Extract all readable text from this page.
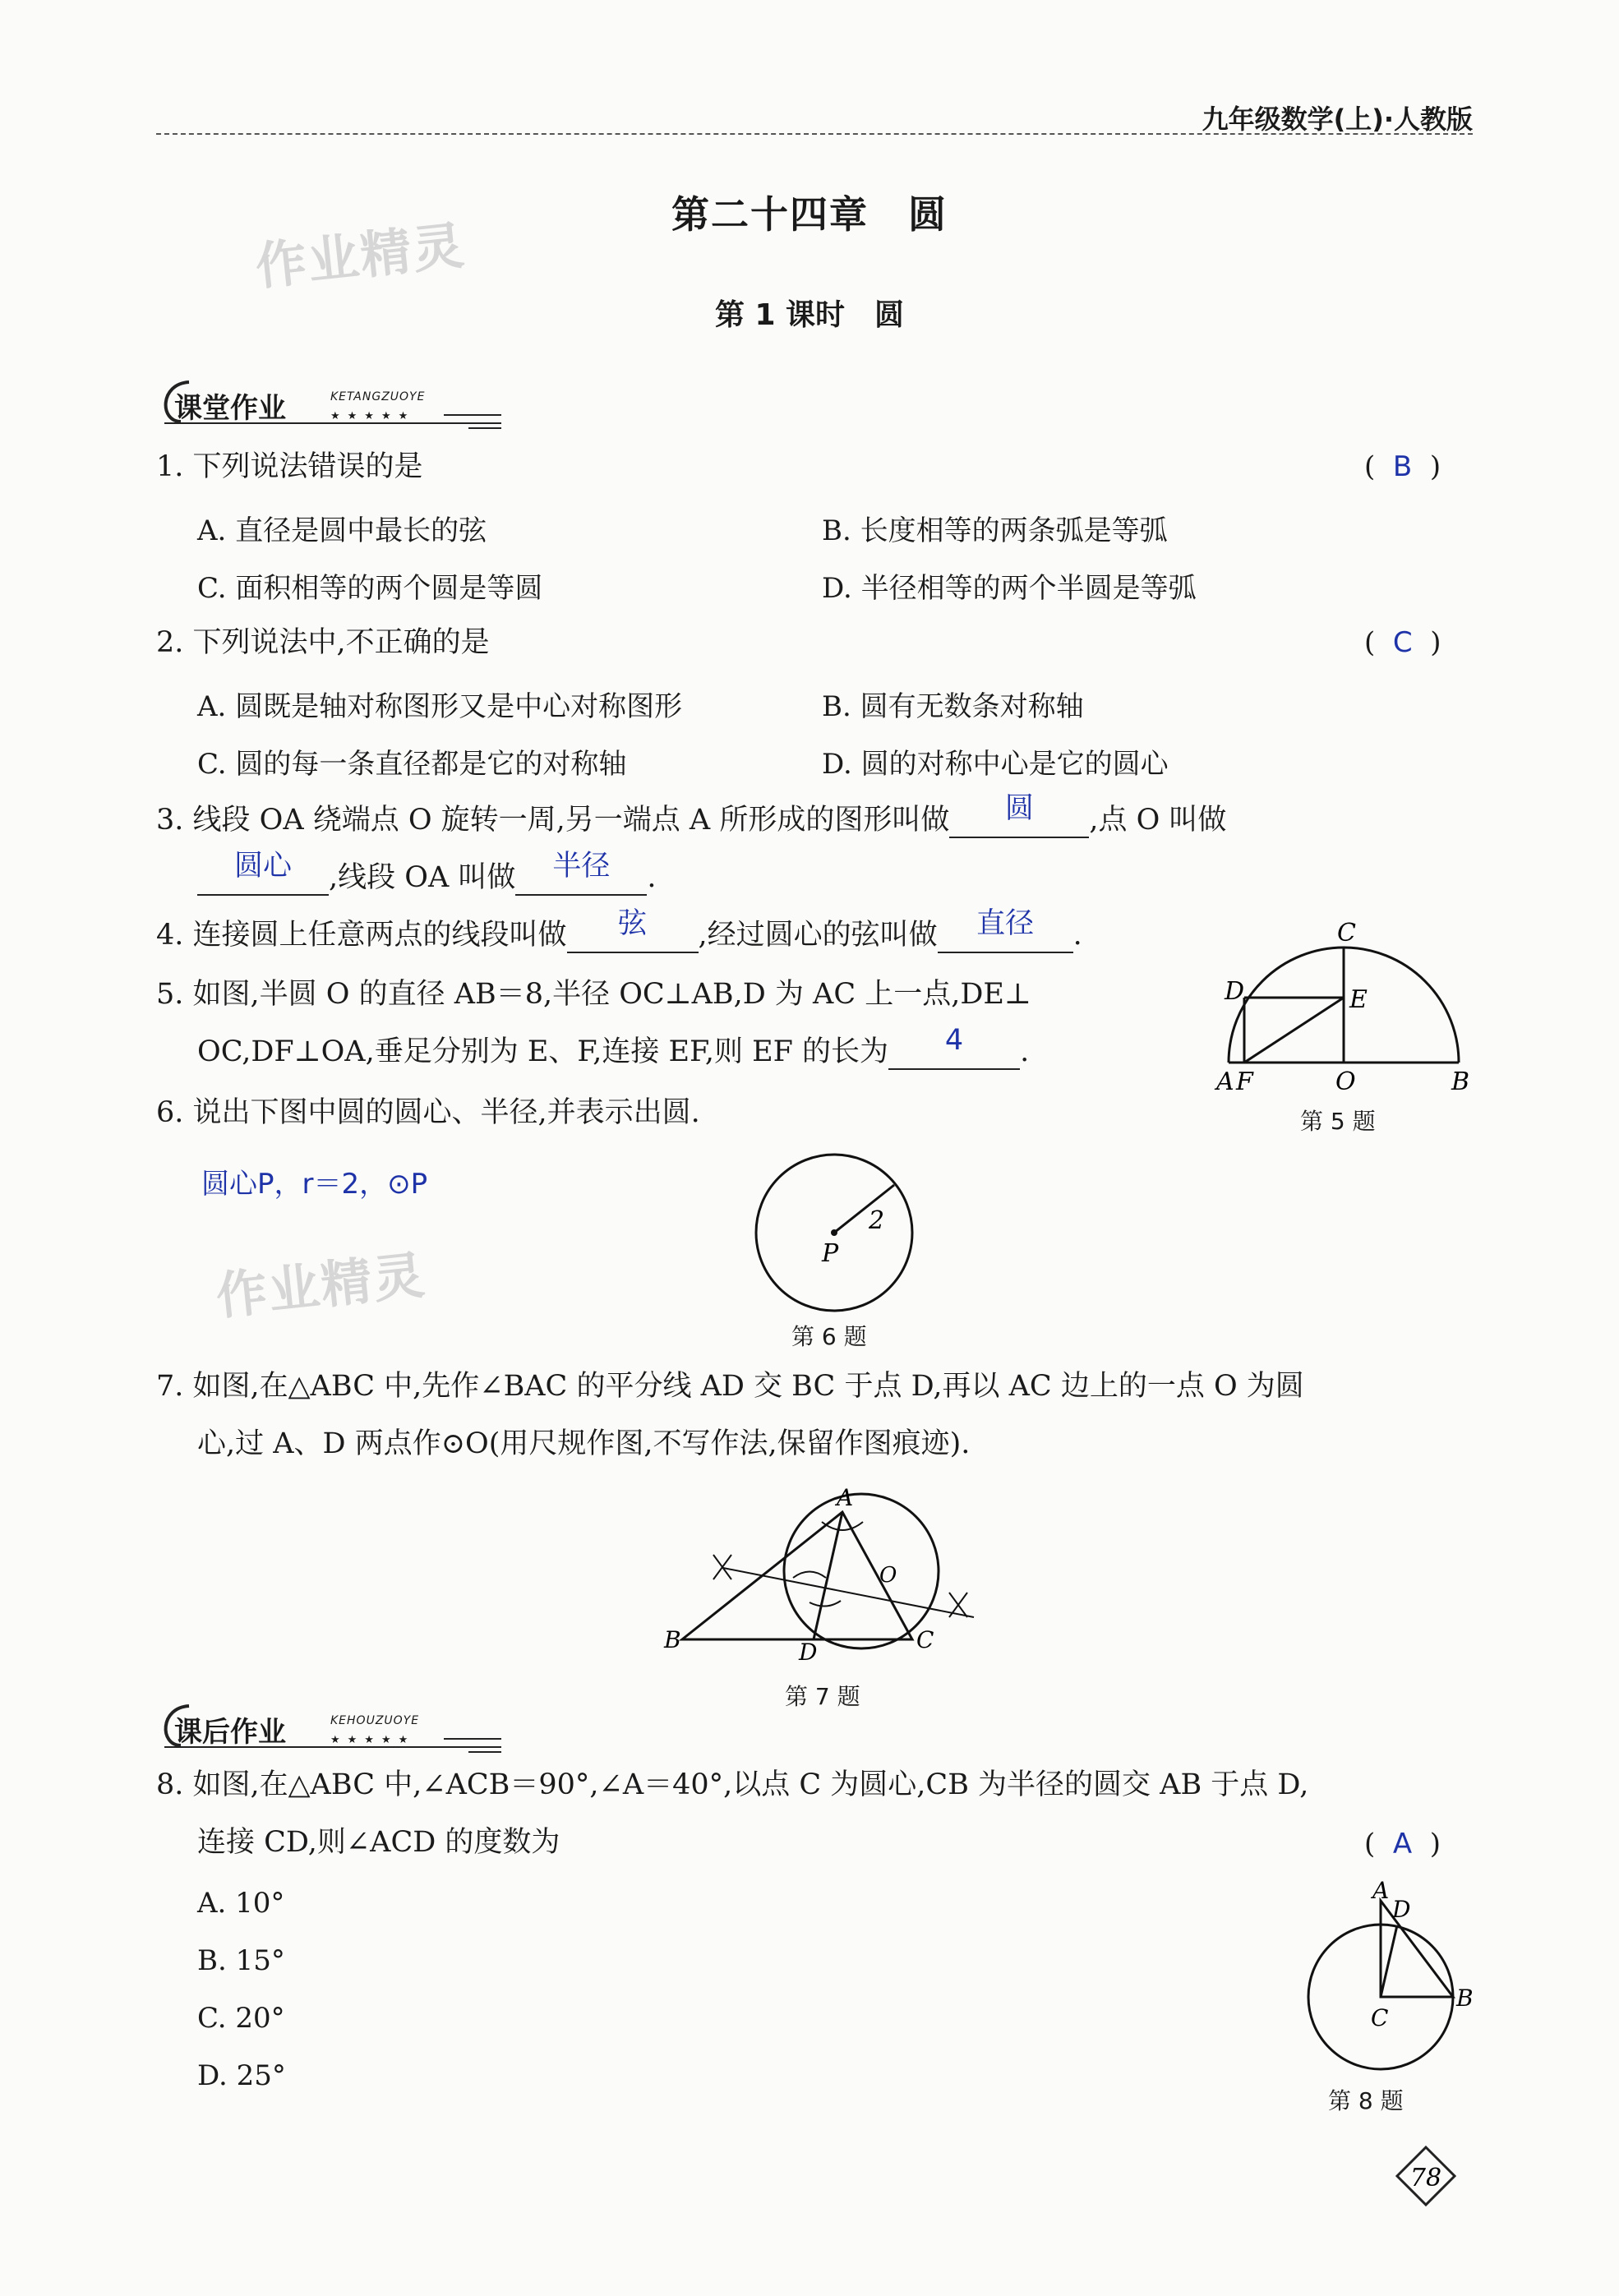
九年级数学(上)·人教版
第二十四章　圆
第 1 课时　圆
作业精灵
作业精灵
课堂作业	KETANGZUOYE
★★★★★
1. 下列说法错误的是	(  B  )
A. 直径是圆中最长的弦	B. 长度相等的两条弧是等弧
C. 面积相等的两个圆是等圆	D. 半径相等的两个半圆是等弧
2. 下列说法中,不正确的是	(  C  )
A. 圆既是轴对称图形又是中心对称图形	B. 圆有无数条对称轴
C. 圆的每一条直径都是它的对称轴	D. 圆的对称中心是它的圆心
3. 线段 OA 绕端点 O 旋转一周,另一端点 A 所形成的图形叫做 圆 ,点 O 叫做
圆心 ,线段 OA 叫做 半径 .
4. 连接圆上任意两点的线段叫做 弦 ,经过圆心的弦叫做 直径 .
5. 如图,半圆 O 的直径 AB＝8,半径 OC⊥AB,D 为 AC 上一点,DE⊥
OC,DF⊥OA,垂足分别为 E、F,连接 EF,则 EF 的长为 4 .
C
D	E
A F	O	B
第 5 题
6. 说出下图中圆的圆心、半径,并表示出圆.
圆心P，r＝2，⊙P
P
2
第 6 题
7. 如图,在△ABC 中,先作∠BAC 的平分线 AD 交 BC 于点 D,再以 AC 边上的一点 O 为圆
心,过 A、D 两点作⊙O(用尺规作图,不写作法,保留作图痕迹).
A
B	C
D
O
第 7 题
课后作业	KEHOUZUOYE
★★★★★
8. 如图,在△ABC 中,∠ACB＝90°,∠A＝40°,以点 C 为圆心,CB 为半径的圆交 AB 于点 D,
连接 CD,则∠ACD 的度数为	(  A  )
A. 10°
B. 15°
C. 20°
D. 25°
A
D
C
B
第 8 题
78
